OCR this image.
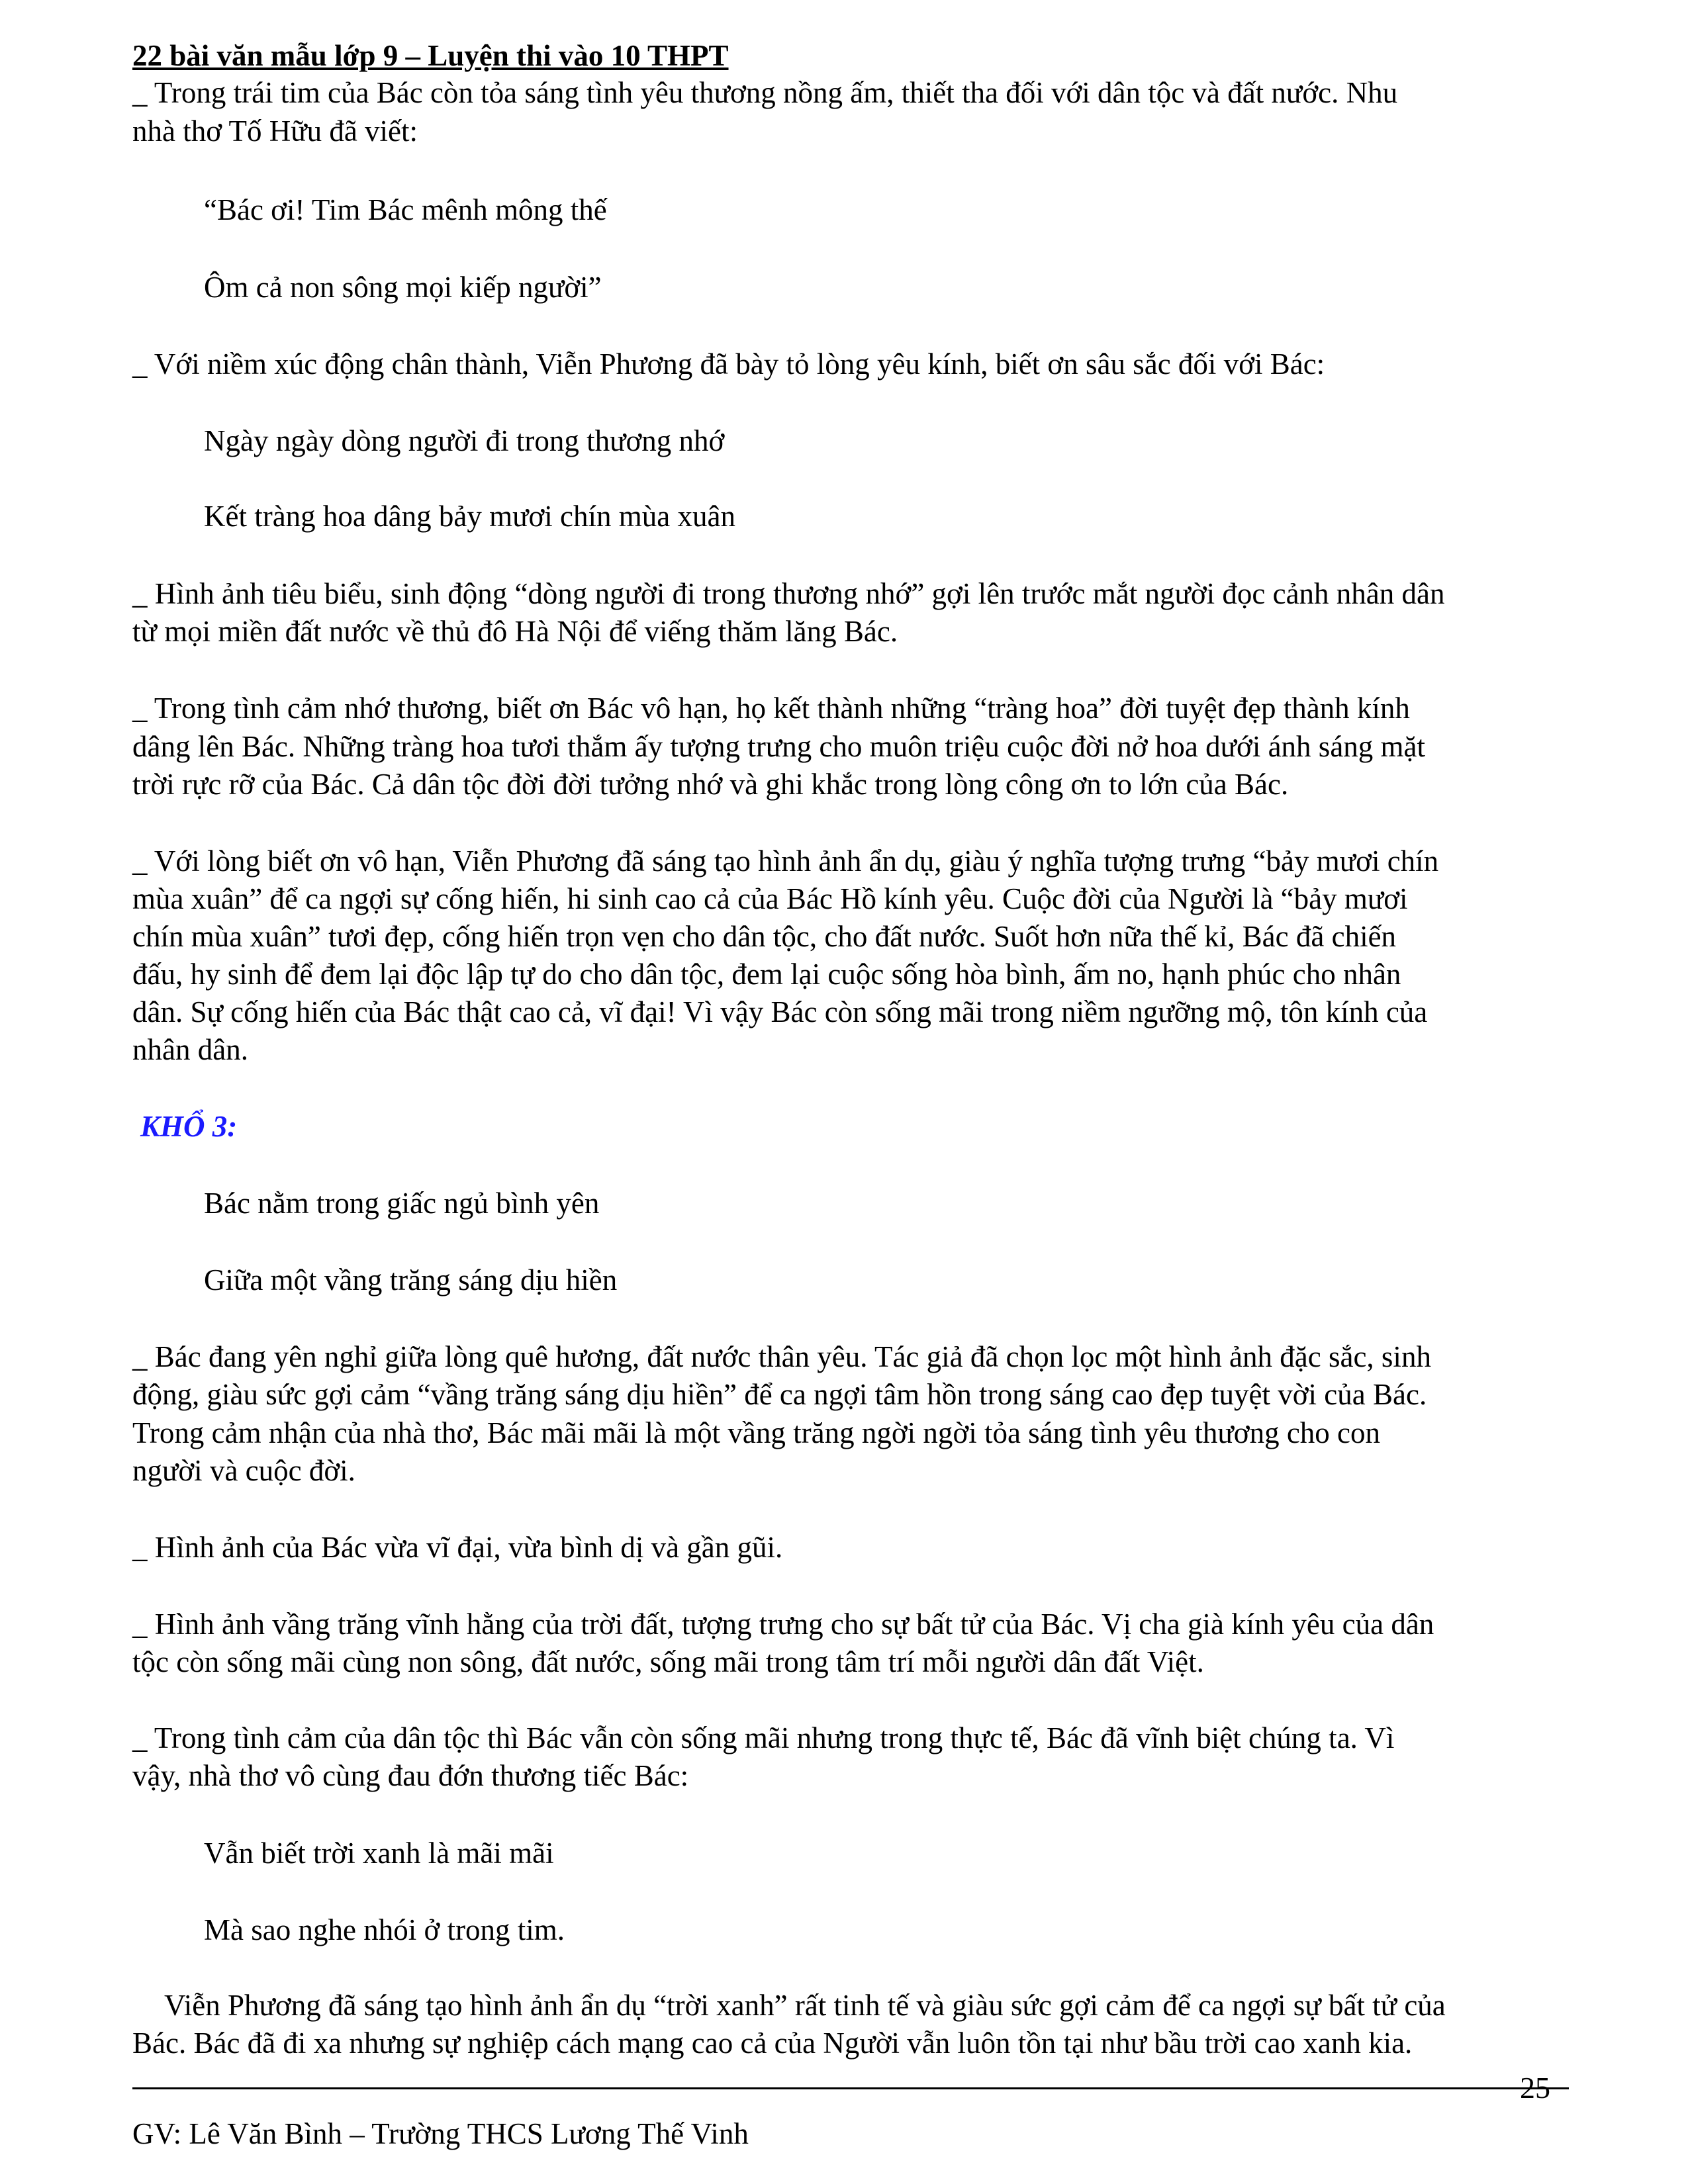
22 bài văn mẫu lớp 9 – Luyện thi vào 10 THPT

_ Trong trái tim của Bác còn tỏa sáng tình yêu thương nồng ấm, thiết tha đối với dân tộc và đất nước. Nhu

nhà thơ Tố Hữu đã viết:

“Bác ơi! Tim Bác mênh mông thế

Ôm cả non sông mọi kiếp người”

_ Với niềm xúc động chân thành, Viễn Phương đã bày tỏ lòng yêu kính, biết ơn sâu sắc đối với Bác:

Ngày ngày dòng người đi trong thương nhớ

Kết tràng hoa dâng bảy mươi chín mùa xuân

_ Hình ảnh tiêu biểu, sinh động “dòng người đi trong thương nhớ” gợi lên trước mắt người đọc cảnh nhân dân

từ mọi miền đất nước về thủ đô Hà Nội để viếng thăm lăng Bác.

_ Trong tình cảm nhớ thương, biết ơn Bác vô hạn, họ kết thành những “tràng hoa” đời tuyệt đẹp thành kính

dâng lên Bác. Những tràng hoa tươi thắm ấy tượng trưng cho muôn triệu cuộc đời nở hoa dưới ánh sáng mặt

trời rực rỡ của Bác. Cả dân tộc đời đời tưởng nhớ và ghi khắc trong lòng công ơn to lớn của Bác.

_ Với lòng biết ơn vô hạn, Viễn Phương đã sáng tạo hình ảnh ẩn dụ, giàu ý nghĩa tượng trưng “bảy mươi chín

mùa xuân” để ca ngợi sự cống hiến, hi sinh cao cả của Bác Hồ kính yêu. Cuộc đời của Người là “bảy mươi

chín mùa xuân” tươi đẹp, cống hiến trọn vẹn cho dân tộc, cho đất nước. Suốt hơn nữa thế kỉ, Bác đã chiến

đấu, hy sinh để đem lại độc lập tự do cho dân tộc, đem lại cuộc sống hòa bình, ấm no, hạnh phúc cho nhân

dân. Sự cống hiến của Bác thật cao cả, vĩ đại! Vì vậy Bác còn sống mãi trong niềm ngưỡng mộ, tôn kính của

nhân dân.

KHỔ 3:

Bác nằm trong giấc ngủ bình yên

Giữa một vầng trăng sáng dịu hiền

_ Bác đang yên nghỉ giữa lòng quê hương, đất nước thân yêu. Tác giả đã chọn lọc một hình ảnh đặc sắc, sinh

động, giàu sức gợi cảm “vầng trăng sáng dịu hiền” để ca ngợi tâm hồn trong sáng cao đẹp tuyệt vời của Bác.

Trong cảm nhận của nhà thơ, Bác mãi mãi là một vầng trăng ngời ngời tỏa sáng tình yêu thương cho con

người và cuộc đời.

_ Hình ảnh của Bác vừa vĩ đại, vừa bình dị và gần gũi.

_ Hình ảnh vầng trăng vĩnh hằng của trời đất, tượng trưng cho sự bất tử của Bác. Vị cha già kính yêu của dân

tộc còn sống mãi cùng non sông, đất nước, sống mãi trong tâm trí mỗi người dân đất Việt.

_ Trong tình cảm của dân tộc thì Bác vẫn còn sống mãi nhưng trong thực tế, Bác đã vĩnh biệt chúng ta. Vì

vậy, nhà thơ vô cùng đau đớn thương tiếc Bác:

Vẫn biết trời xanh là mãi mãi

Mà sao nghe nhói ở trong tim.

Viễn Phương đã sáng tạo hình ảnh ẩn dụ “trời xanh” rất tinh tế và giàu sức gợi cảm để ca ngợi sự bất tử của

Bác. Bác đã đi xa nhưng sự nghiệp cách mạng cao cả của Người vẫn luôn tồn tại như bầu trời cao xanh kia.

25
GV: Lê Văn Bình – Trường THCS Lương Thế Vinh
